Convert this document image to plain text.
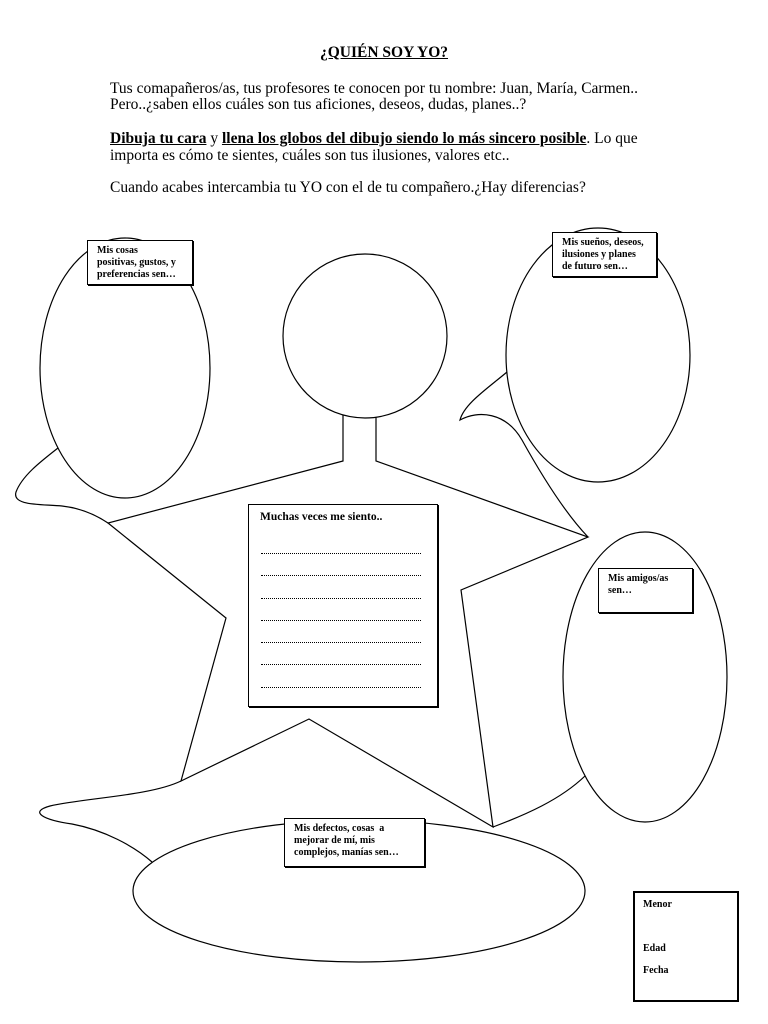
¿QUIÉN SOY YO?
Tus comapañeros/as, tus profesores te conocen por tu nombre: Juan, María, Carmen..
Pero..¿saben ellos cuáles son tus aficiones, deseos, dudas, planes..?
Dibuja tu cara y llena los globos del dibujo siendo lo más sincero posible. Lo que
importa es cómo te sientes, cuáles son tus ilusiones, valores etc..
Cuando acabes intercambia tu YO con el de tu compañero.¿Hay diferencias?
Mis cosas
positivas, gustos, y
preferencias sen…
Mis sueños, deseos,
ilusiones y planes
de futuro sen…
Mis amigos/as
sen…
Mis defectos, cosas  a
mejorar de mí, mis
complejos, manías sen…
Muchas veces me siento..
Menor
Edad
Fecha
